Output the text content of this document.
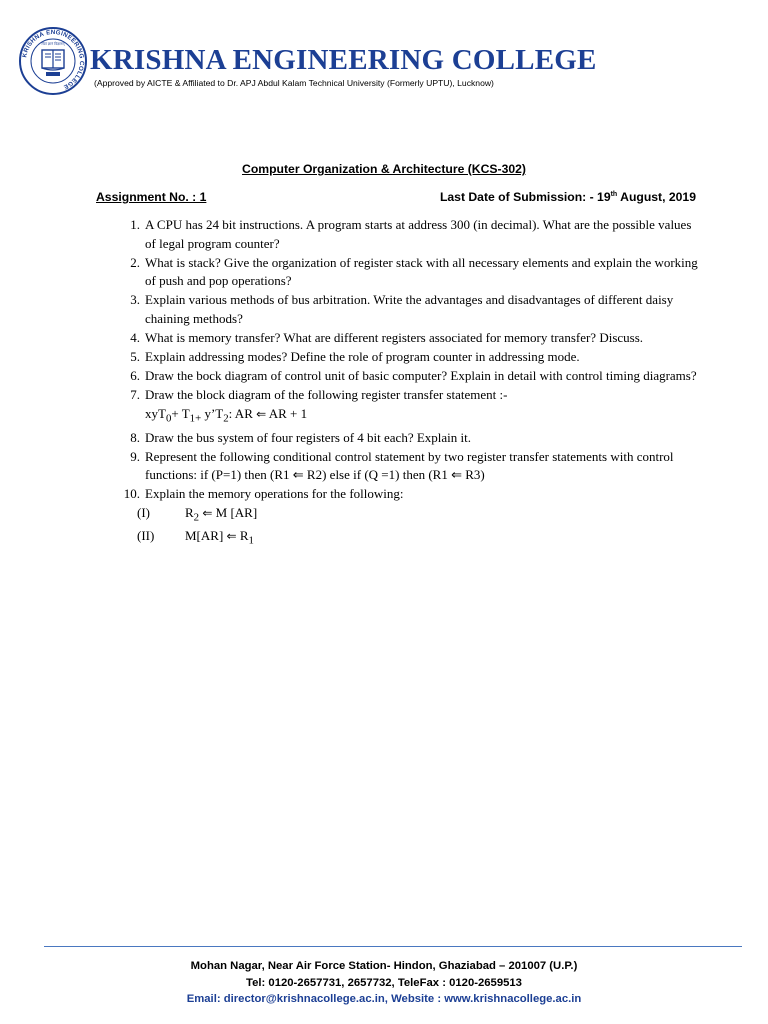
KRISHNA ENGINEERING COLLEGE
चितं ज्ञानं विज्ञानम् KRISHNA ENGINEERING COLLEGE
(Approved by AICTE & Affiliated to Dr. APJ Abdul Kalam Technical University (Formerly UPTU), Lucknow)
Computer Organization & Architecture (KCS-302)
Assignment No. : 1	Last Date of Submission: - 19th August, 2019
1 . A CPU has 24 bit instructions. A program starts at address 300 (in decimal). What are the possible values of legal program counter?
2 . What is stack? Give the organization of register stack with all necessary elements and explain the working of push and pop operations?
3 . Explain various methods of bus arbitration. Write the advantages and disadvantages of different daisy chaining methods?
4 . What is memory transfer? What are different registers associated for memory transfer? Discuss.
5 . Explain addressing modes? Define the role of program counter in addressing mode.
6 . Draw the bock diagram of control unit of basic computer? Explain in detail with control timing diagrams?
7 . Draw the block diagram of the following register transfer statement :-
$xyT_0+ T_{1+}$ $y’T_2$: AR ⇐ AR + 1
8 . Draw the bus system of four registers of 4 bit each? Explain it.
9 . Represent the following conditional control statement by two register transfer statements with control functions: if (P=1) then (R1 ⇐ R2) else if (Q =1) then (R1 ⇐ R3)
10 . Explain the memory operations for the following:
(I)	$R_2$ ⇐ M [AR]
(II) M[AR] ⇐ $R_1$
Mohan Nagar, Near Air Force Station- Hindon, Ghaziabad – 201007 (U.P.)
Tel: 0120-2657731, 2657732, TeleFax : 0120-2659513
Email: director@krishnacollege.ac.in, Website : www.krishnacollege.ac.in
